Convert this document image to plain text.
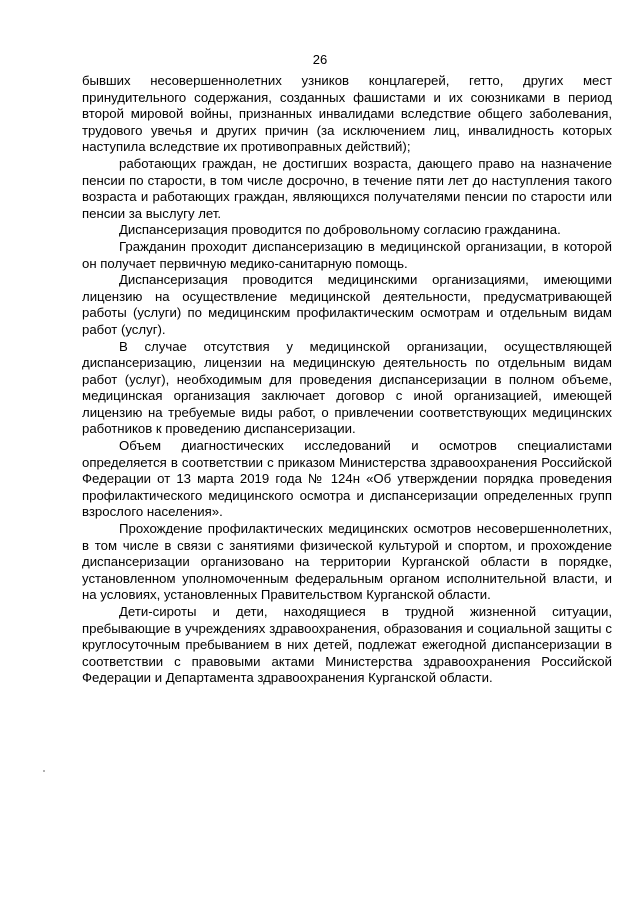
26

бывших несовершеннолетних узников концлагерей, гетто, других мест принудительного содержания, созданных фашистами и их союзниками в период второй мировой войны, признанных инвалидами вследствие общего заболевания, трудового увечья и других причин (за исключением лиц, инвалидность которых наступила вследствие их противоправных действий);

работающих граждан, не достигших возраста, дающего право на назначение пенсии по старости, в том числе досрочно, в течение пяти лет до наступления такого возраста и работающих граждан, являющихся получателями пенсии по старости или пенсии за выслугу лет.

Диспансеризация проводится по добровольному согласию гражданина.

Гражданин проходит диспансеризацию в медицинской организации, в которой он получает первичную медико-санитарную помощь.

Диспансеризация проводится медицинскими организациями, имеющими лицензию на осуществление медицинской деятельности, предусматривающей работы (услуги) по медицинским профилактическим осмотрам и отдельным видам работ (услуг).

В случае отсутствия у медицинской организации, осуществляющей диспансеризацию, лицензии на медицинскую деятельность по отдельным видам работ (услуг), необходимым для проведения диспансеризации в полном объеме, медицинская организация заключает договор с иной организацией, имеющей лицензию на требуемые виды работ, о привлечении соответствующих медицинских работников к проведению диспансеризации.

Объем диагностических исследований и осмотров специалистами определяется в соответствии с приказом Министерства здравоохранения Российской Федерации от 13 марта 2019 года № 124н «Об утверждении порядка проведения профилактического медицинского осмотра и диспансеризации определенных групп взрослого населения».

Прохождение профилактических медицинских осмотров несовершеннолетних, в том числе в связи с занятиями физической культурой и спортом, и прохождение диспансеризации организовано на территории Курганской области в порядке, установленном уполномоченным федеральным органом исполнительной власти, и на условиях, установленных Правительством Курганской области.

Дети-сироты и дети, находящиеся в трудной жизненной ситуации, пребывающие в учреждениях здравоохранения, образования и социальной защиты с круглосуточным пребыванием в них детей, подлежат ежегодной диспансеризации в соответствии с правовыми актами Министерства здравоохранения Российской Федерации и Департамента здравоохранения Курганской области.
